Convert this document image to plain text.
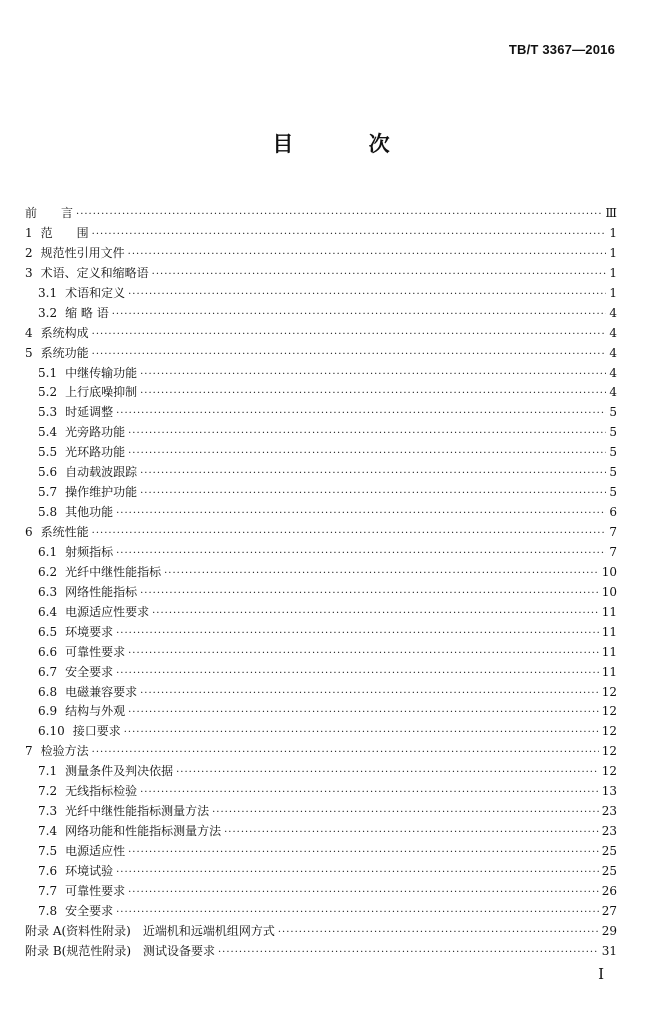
TB/T 3367—2016
目 次
前　　言 ·····	Ⅲ
1 范　　围 ·····	1
2 规范性引用文件 ·····	1
3 术语、定义和缩略语 ·····	1
3.1 术语和定义 ·····	1
3.2 缩 略 语 ·····	4
4 系统构成 ·····	4
5 系统功能 ·····	4
5.1 中继传输功能 ·····	4
5.2 上行底噪抑制 ·····	4
5.3 时延调整 ·····	5
5.4 光旁路功能 ·····	5
5.5 光环路功能 ·····	5
5.6 自动载波跟踪 ·····	5
5.7 操作维护功能 ·····	5
5.8 其他功能 ·····	6
6 系统性能 ·····	7
6.1 射频指标 ·····	7
6.2 光纤中继性能指标 ·····	10
6.3 网络性能指标 ·····	10
6.4 电源适应性要求 ·····	11
6.5 环境要求 ·····	11
6.6 可靠性要求 ·····	11
6.7 安全要求 ·····	11
6.8 电磁兼容要求 ·····	12
6.9 结构与外观 ·····	12
6.10 接口要求 ·····	12
7 检验方法 ·····	12
7.1 测量条件及判决依据 ·····	12
7.2 无线指标检验 ·····	13
7.3 光纤中继性能指标测量方法 ·····	23
7.4 网络功能和性能指标测量方法 ·····	23
7.5 电源适应性 ·····	25
7.6 环境试验 ·····	25
7.7 可靠性要求 ·····	26
7.8 安全要求 ·····	27
附录 A(资料性附录)　近端机和远端机组网方式 ·····	29
附录 B(规范性附录)　测试设备要求 ·····	31
I
